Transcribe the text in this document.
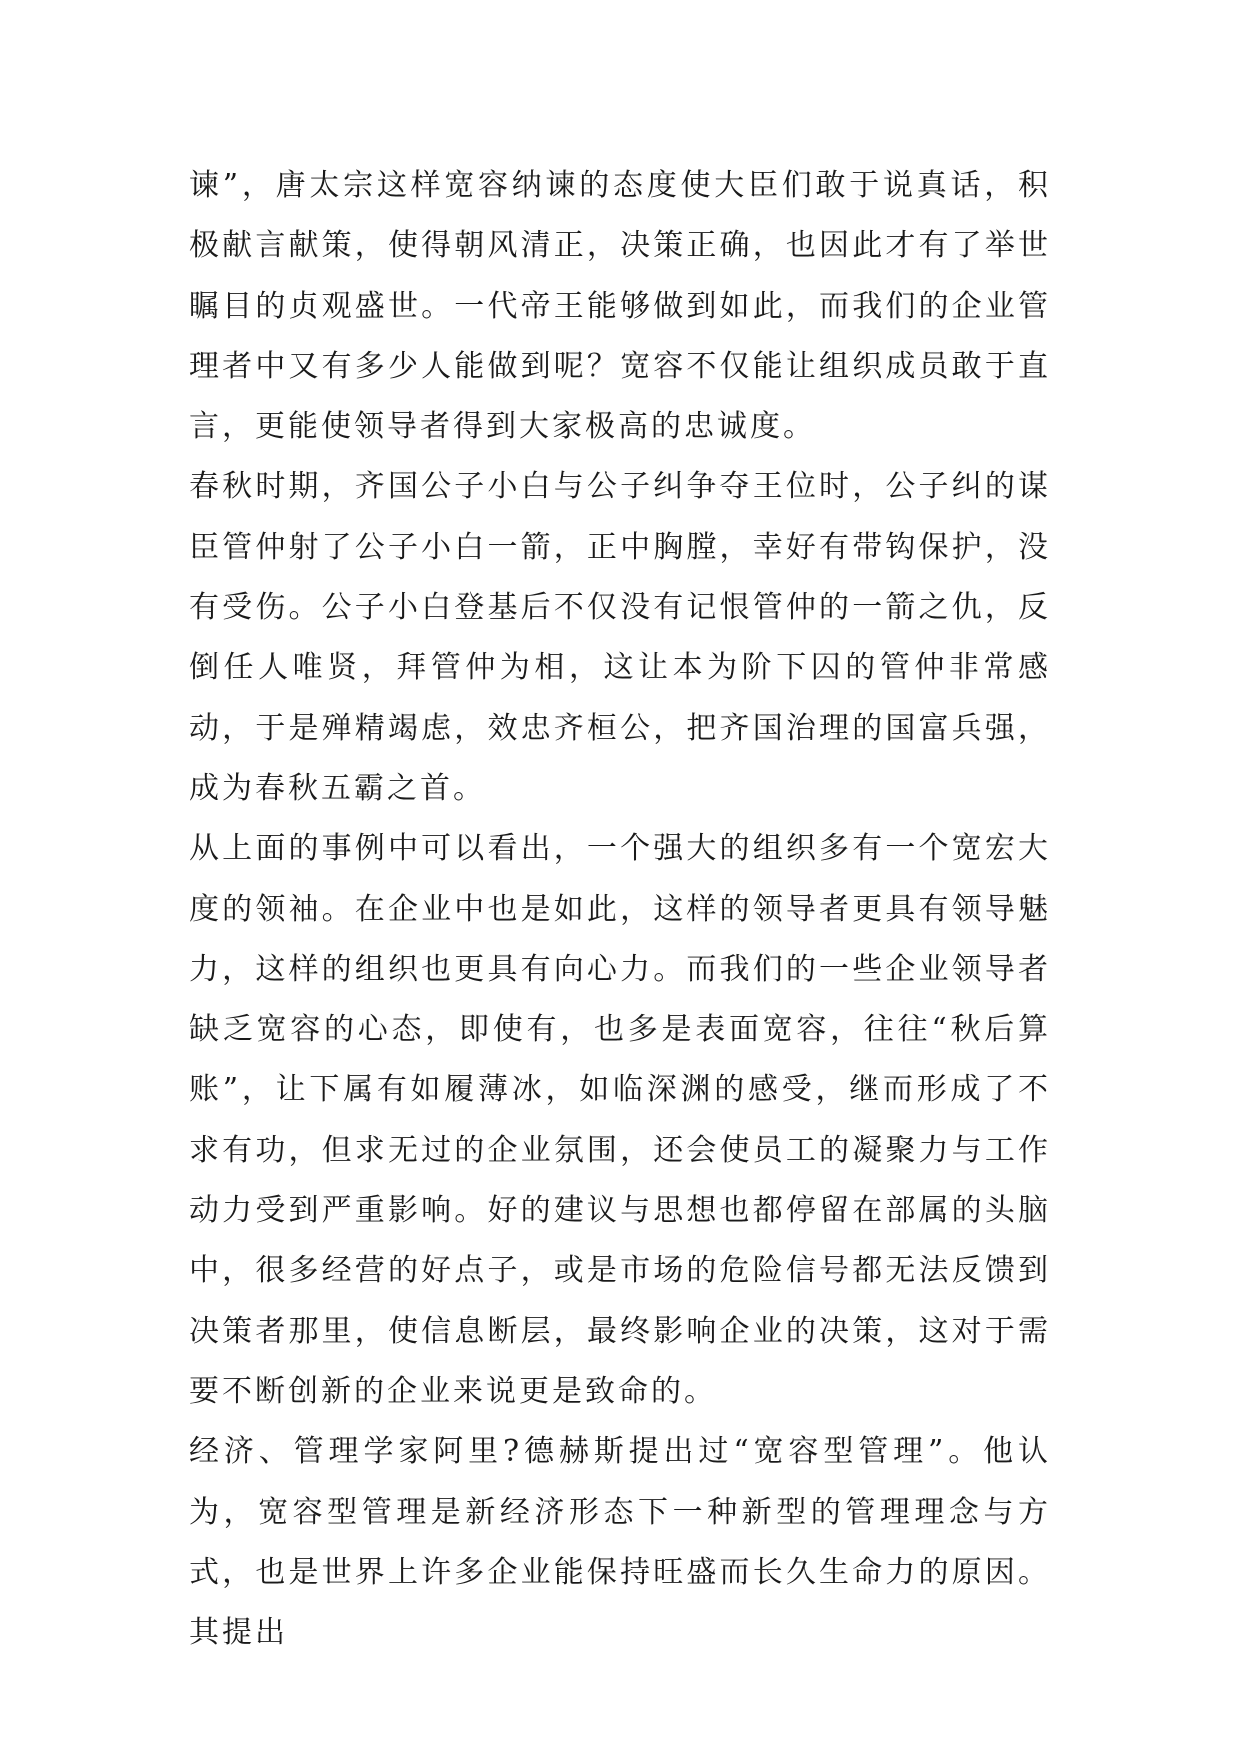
谏”，唐太宗这样宽容纳谏的态度使大臣们敢于说真话，积极献言献策，使得朝风清正，决策正确，也因此才有了举世瞩目的贞观盛世。一代帝王能够做到如此，而我们的企业管理者中又有多少人能做到呢？宽容不仅能让组织成员敢于直言，更能使领导者得到大家极高的忠诚度。

春秋时期，齐国公子小白与公子纠争夺王位时，公子纠的谋臣管仲射了公子小白一箭，正中胸膛，幸好有带钩保护，没有受伤。公子小白登基后不仅没有记恨管仲的一箭之仇，反倒任人唯贤，拜管仲为相，这让本为阶下囚的管仲非常感动，于是殚精竭虑，效忠齐桓公，把齐国治理的国富兵强，成为春秋五霸之首。

从上面的事例中可以看出，一个强大的组织多有一个宽宏大度的领袖。在企业中也是如此，这样的领导者更具有领导魅力，这样的组织也更具有向心力。而我们的一些企业领导者缺乏宽容的心态，即使有，也多是表面宽容，往往“秋后算账”，让下属有如履薄冰，如临深渊的感受，继而形成了不求有功，但求无过的企业氛围，还会使员工的凝聚力与工作动力受到严重影响。好的建议与思想也都停留在部属的头脑中，很多经营的好点子，或是市场的危险信号都无法反馈到决策者那里，使信息断层，最终影响企业的决策，这对于需要不断创新的企业来说更是致命的。

经济、管理学家阿里?德赫斯提出过“宽容型管理”。他认为，宽容型管理是新经济形态下一种新型的管理理念与方式，也是世界上许多企业能保持旺盛而长久生命力的原因。其提出
